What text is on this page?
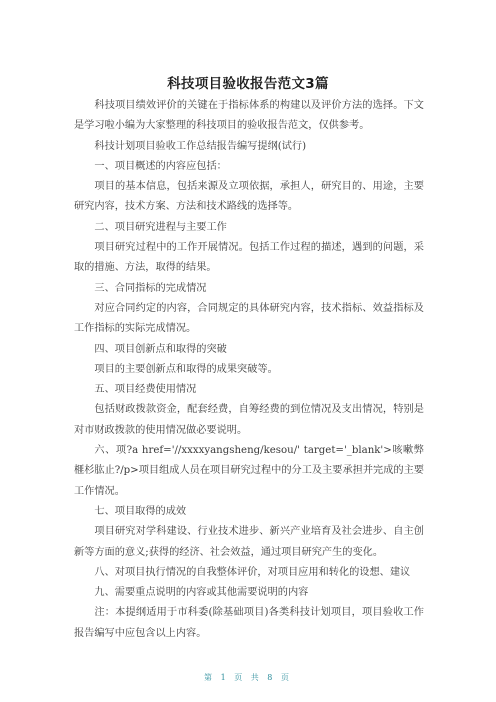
科技项目验收报告范文3篇

科技项目绩效评价的关键在于指标体系的构建以及评价方法的选择。下文是学习啦小编为大家整理的科技项目的验收报告范文，仅供参考。

科技计划项目验收工作总结报告编写提纲(试行)

一、项目概述的内容应包括：

项目的基本信息，包括来源及立项依据，承担人，研究目的、用途，主要研究内容，技术方案、方法和技术路线的选择等。

二、项目研究进程与主要工作

项目研究过程中的工作开展情况。包括工作过程的描述，遇到的问题，采取的措施、方法，取得的结果。

三、合同指标的完成情况

对应合同约定的内容，合同规定的具体研究内容，技术指标、效益指标及工作指标的实际完成情况。

四、项目创新点和取得的突破

项目的主要创新点和取得的成果突破等。

五、项目经费使用情况

包括财政拨款资金，配套经费，自筹经费的到位情况及支出情况，特别是对市财政拨款的使用情况做必要说明。

六、项?a href='//xxxxyangsheng/kesou/' target='_blank'>咳嗽弊榧杉肱止?/p>项目组成人员在项目研究过程中的分工及主要承担并完成的主要工作情况。

七、项目取得的成效

项目研究对学科建设、行业技术进步、新兴产业培育及社会进步、自主创新等方面的意义;获得的经济、社会效益，通过项目研究产生的变化。

八、对项目执行情况的自我整体评价，对项目应用和转化的设想、建议

九、需要重点说明的内容或其他需要说明的内容

注：本提纲适用于市科委(除基础项目)各类科技计划项目，项目验收工作报告编写中应包含以上内容。

第 1 页 共 8 页
